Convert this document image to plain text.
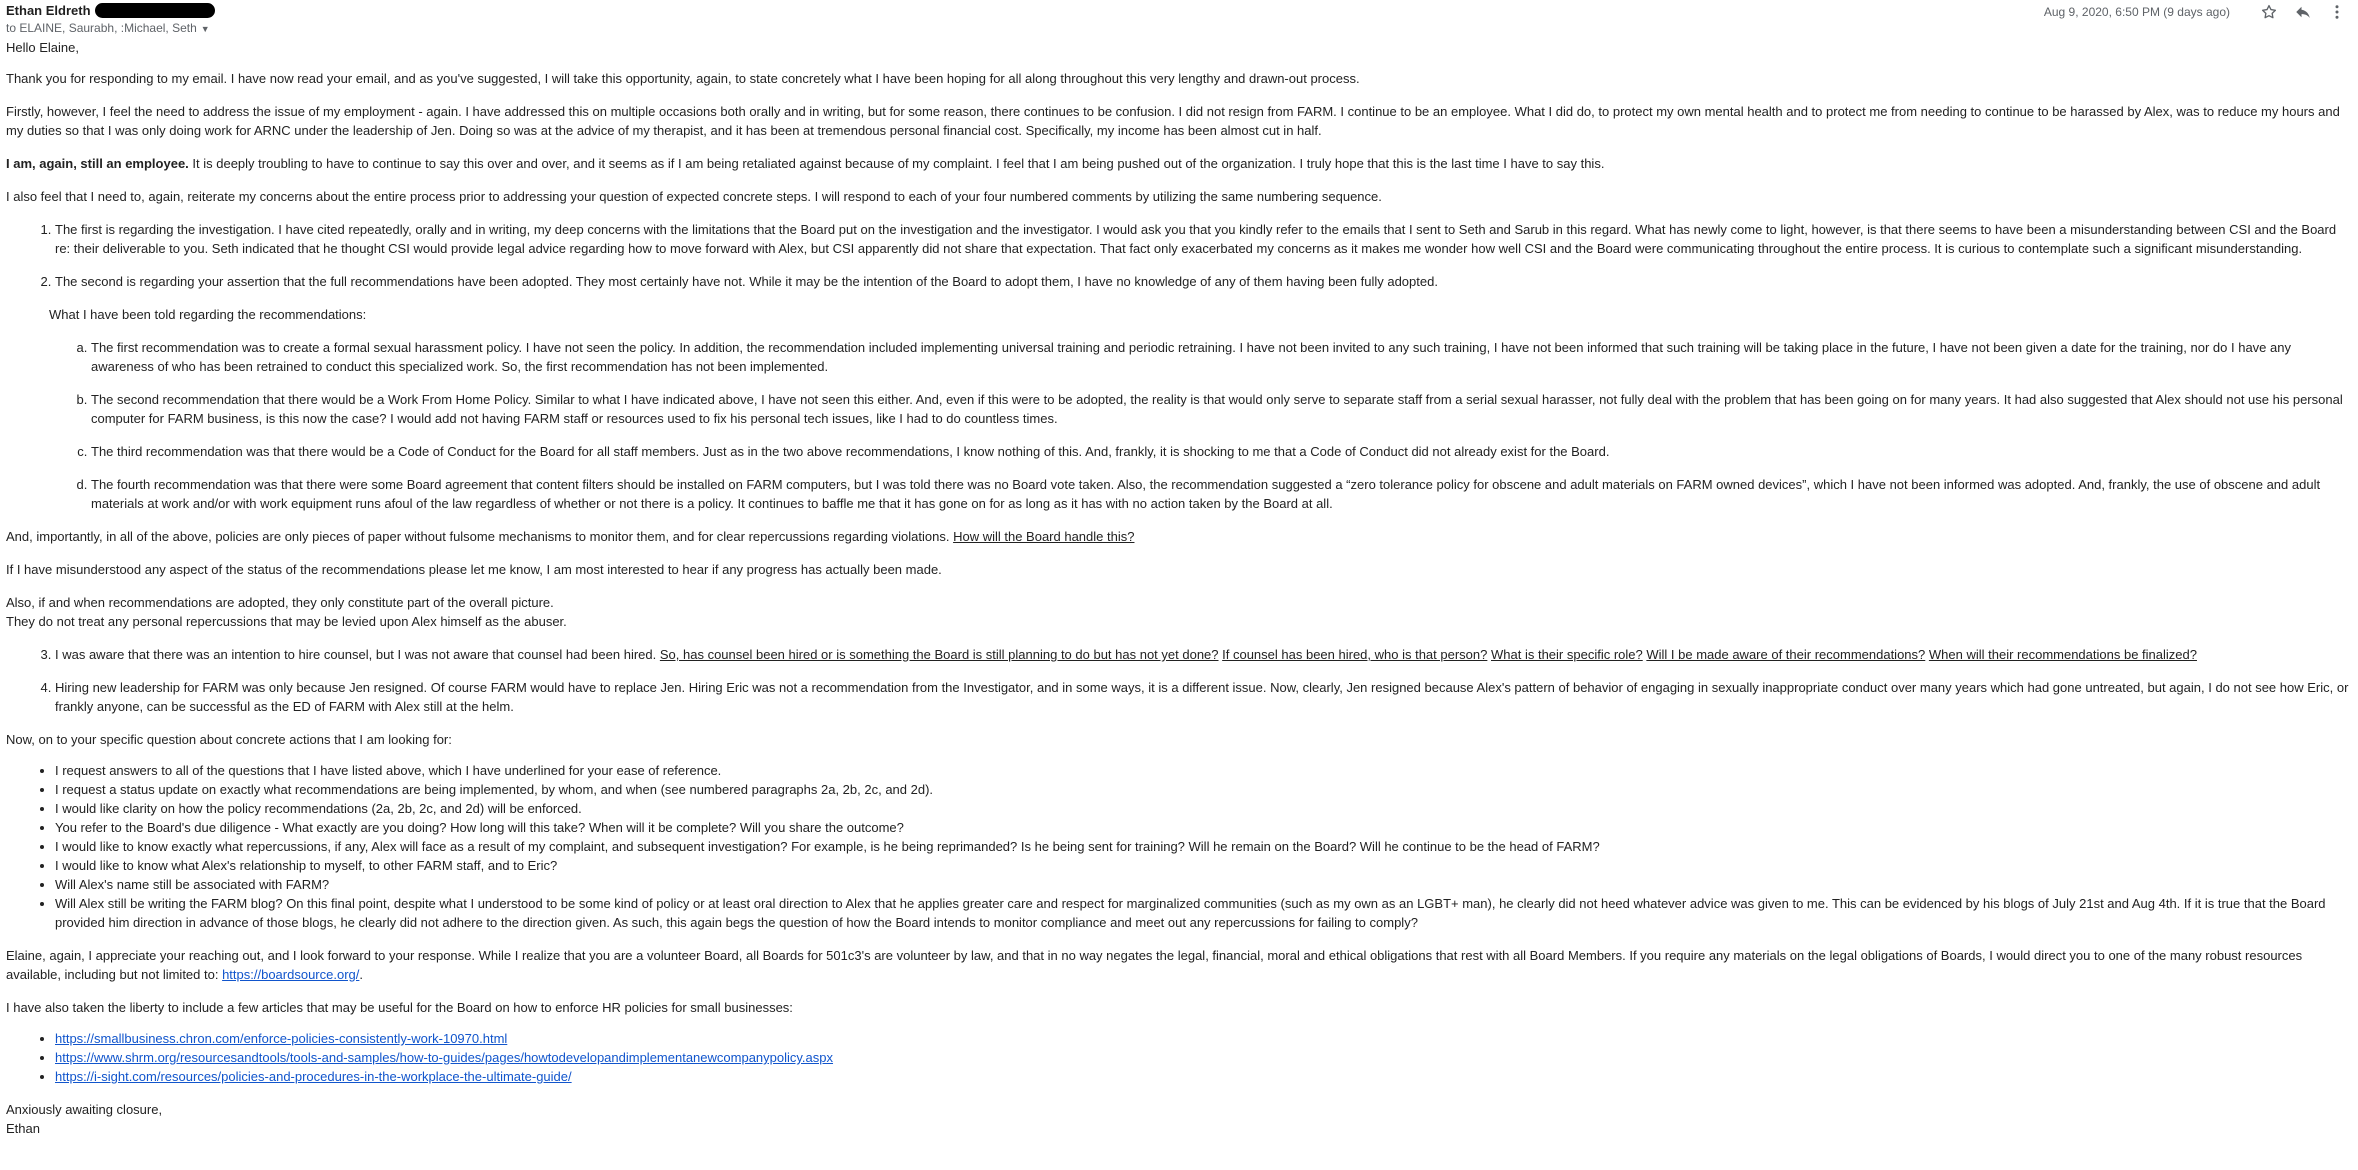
Ethan Eldreth
to ELAINE, Saurabh, :Michael, Seth ▼
Aug 9, 2020, 6:50 PM (9 days ago)

Hello Elaine,

Thank you for responding to my email. I have now read your email, and as you've suggested, I will take this opportunity, again, to state concretely what I have been hoping for all along throughout this very lengthy and drawn-out process.

Firstly, however, I feel the need to address the issue of my employment - again. I have addressed this on multiple occasions both orally and in writing, but for some reason, there continues to be confusion. I did not resign from FARM. I continue to be an employee. What I did do, to protect my own mental health and to protect me from needing to continue to be harassed by Alex, was to reduce my hours and my duties so that I was only doing work for ARNC under the leadership of Jen. Doing so was at the advice of my therapist, and it has been at tremendous personal financial cost. Specifically, my income has been almost cut in half.

I am, again, still an employee. It is deeply troubling to have to continue to say this over and over, and it seems as if I am being retaliated against because of my complaint. I feel that I am being pushed out of the organization. I truly hope that this is the last time I have to say this.

I also feel that I need to, again, reiterate my concerns about the entire process prior to addressing your question of expected concrete steps. I will respond to each of your four numbered comments by utilizing the same numbering sequence.

1. The first is regarding the investigation. I have cited repeatedly, orally and in writing, my deep concerns with the limitations that the Board put on the investigation and the investigator. I would ask you that you kindly refer to the emails that I sent to Seth and Sarub in this regard. What has newly come to light, however, is that there seems to have been a misunderstanding between CSI and the Board re: their deliverable to you. Seth indicated that he thought CSI would provide legal advice regarding how to move forward with Alex, but CSI apparently did not share that expectation. That fact only exacerbated my concerns as it makes me wonder how well CSI and the Board were communicating throughout the entire process. It is curious to contemplate such a significant misunderstanding.
2. The second is regarding your assertion that the full recommendations have been adopted. They most certainly have not. While it may be the intention of the Board to adopt them, I have no knowledge of any of them having been fully adopted.
What I have been told regarding the recommendations:
a. The first recommendation was to create a formal sexual harassment policy. I have not seen the policy. In addition, the recommendation included implementing universal training and periodic retraining. I have not been invited to any such training, I have not been informed that such training will be taking place in the future, I have not been given a date for the training, nor do I have any awareness of who has been retrained to conduct this specialized work. So, the first recommendation has not been implemented.
b. The second recommendation that there would be a Work From Home Policy. Similar to what I have indicated above, I have not seen this either. And, even if this were to be adopted, the reality is that would only serve to separate staff from a serial sexual harasser, not fully deal with the problem that has been going on for many years. It had also suggested that Alex should not use his personal computer for FARM business, is this now the case? I would add not having FARM staff or resources used to fix his personal tech issues, like I had to do countless times.
c. The third recommendation was that there would be a Code of Conduct for the Board for all staff members. Just as in the two above recommendations, I know nothing of this. And, frankly, it is shocking to me that a Code of Conduct did not already exist for the Board.
d. The fourth recommendation was that there were some Board agreement that content filters should be installed on FARM computers, but I was told there was no Board vote taken. Also, the recommendation suggested a “zero tolerance policy for obscene and adult materials on FARM owned devices”, which I have not been informed was adopted. And, frankly, the use of obscene and adult materials at work and/or with work equipment runs afoul of the law regardless of whether or not there is a policy. It continues to baffle me that it has gone on for as long as it has with no action taken by the Board at all.

And, importantly, in all of the above, policies are only pieces of paper without fulsome mechanisms to monitor them, and for clear repercussions regarding violations. How will the Board handle this?

If I have misunderstood any aspect of the status of the recommendations please let me know, I am most interested to hear if any progress has actually been made.

Also, if and when recommendations are adopted, they only constitute part of the overall picture.
They do not treat any personal repercussions that may be levied upon Alex himself as the abuser.

3. I was aware that there was an intention to hire counsel, but I was not aware that counsel had been hired. So, has counsel been hired or is something the Board is still planning to do but has not yet done? If counsel has been hired, who is that person? What is their specific role? Will I be made aware of their recommendations? When will their recommendations be finalized?
4. Hiring new leadership for FARM was only because Jen resigned. Of course FARM would have to replace Jen. Hiring Eric was not a recommendation from the Investigator, and in some ways, it is a different issue. Now, clearly, Jen resigned because Alex's pattern of behavior of engaging in sexually inappropriate conduct over many years which had gone untreated, but again, I do not see how Eric, or frankly anyone, can be successful as the ED of FARM with Alex still at the helm.

Now, on to your specific question about concrete actions that I am looking for:

• I request answers to all of the questions that I have listed above, which I have underlined for your ease of reference.
• I request a status update on exactly what recommendations are being implemented, by whom, and when (see numbered paragraphs 2a, 2b, 2c, and 2d).
• I would like clarity on how the policy recommendations (2a, 2b, 2c, and 2d) will be enforced.
• You refer to the Board's due diligence - What exactly are you doing? How long will this take? When will it be complete? Will you share the outcome?
• I would like to know exactly what repercussions, if any, Alex will face as a result of my complaint, and subsequent investigation? For example, is he being reprimanded? Is he being sent for training? Will he remain on the Board? Will he continue to be the head of FARM?
• I would like to know what Alex's relationship to myself, to other FARM staff, and to Eric?
• Will Alex's name still be associated with FARM?
• Will Alex still be writing the FARM blog? On this final point, despite what I understood to be some kind of policy or at least oral direction to Alex that he applies greater care and respect for marginalized communities (such as my own as an LGBT+ man), he clearly did not heed whatever advice was given to me. This can be evidenced by his blogs of July 21st and Aug 4th. If it is true that the Board provided him direction in advance of those blogs, he clearly did not adhere to the direction given. As such, this again begs the question of how the Board intends to monitor compliance and meet out any repercussions for failing to comply?

Elaine, again, I appreciate your reaching out, and I look forward to your response. While I realize that you are a volunteer Board, all Boards for 501c3's are volunteer by law, and that in no way negates the legal, financial, moral and ethical obligations that rest with all Board Members. If you require any materials on the legal obligations of Boards, I would direct you to one of the many robust resources available, including but not limited to: https://boardsource.org/.

I have also taken the liberty to include a few articles that may be useful for the Board on how to enforce HR policies for small businesses:

• https://smallbusiness.chron.com/enforce-policies-consistently-work-10970.html
• https://www.shrm.org/resourcesandtools/tools-and-samples/how-to-guides/pages/howtodevelopandimplementanewcompanypolicy.aspx
• https://i-sight.com/resources/policies-and-procedures-in-the-workplace-the-ultimate-guide/
Anxiously awaiting closure,
Ethan
